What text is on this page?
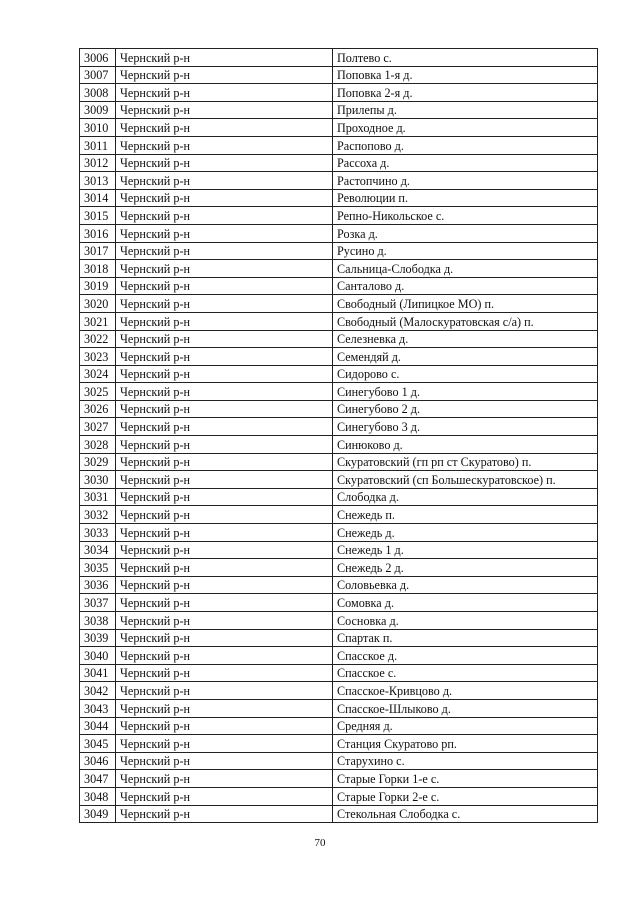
3006	Чернский р-н	Полтево с.
3007	Чернский р-н	Поповка 1-я д.
3008	Чернский р-н	Поповка 2-я д.
3009	Чернский р-н	Прилепы д.
3010	Чернский р-н	Проходное д.
3011	Чернский р-н	Распопово д.
3012	Чернский р-н	Рассоха д.
3013	Чернский р-н	Растопчино д.
3014	Чернский р-н	Революции п.
3015	Чернский р-н	Репно-Никольское с.
3016	Чернский р-н	Розка д.
3017	Чернский р-н	Русино д.
3018	Чернский р-н	Сальница-Слободка д.
3019	Чернский р-н	Санталово д.
3020	Чернский р-н	Свободный (Липицкое МО) п.
3021	Чернский р-н	Свободный (Малоскуратовская с/а) п.
3022	Чернский р-н	Селезневка д.
3023	Чернский р-н	Семендяй д.
3024	Чернский р-н	Сидорово с.
3025	Чернский р-н	Синегубово 1 д.
3026	Чернский р-н	Синегубово 2 д.
3027	Чернский р-н	Синегубово 3 д.
3028	Чернский р-н	Синюково д.
3029	Чернский р-н	Скуратовский (гп рп ст Скуратово) п.
3030	Чернский р-н	Скуратовский (сп Большескуратовское) п.
3031	Чернский р-н	Слободка д.
3032	Чернский р-н	Снежедь п.
3033	Чернский р-н	Снежедь д.
3034	Чернский р-н	Снежедь 1 д.
3035	Чернский р-н	Снежедь 2 д.
3036	Чернский р-н	Соловьевка д.
3037	Чернский р-н	Сомовка д.
3038	Чернский р-н	Сосновка д.
3039	Чернский р-н	Спартак п.
3040	Чернский р-н	Спасское д.
3041	Чернский р-н	Спасское с.
3042	Чернский р-н	Спасское-Кривцово д.
3043	Чернский р-н	Спасское-Шлыково д.
3044	Чернский р-н	Средняя д.
3045	Чернский р-н	Станция Скуратово рп.
3046	Чернский р-н	Старухино с.
3047	Чернский р-н	Старые Горки 1-е с.
3048	Чернский р-н	Старые Горки 2-е с.
3049	Чернский р-н	Стекольная Слободка с.
70
